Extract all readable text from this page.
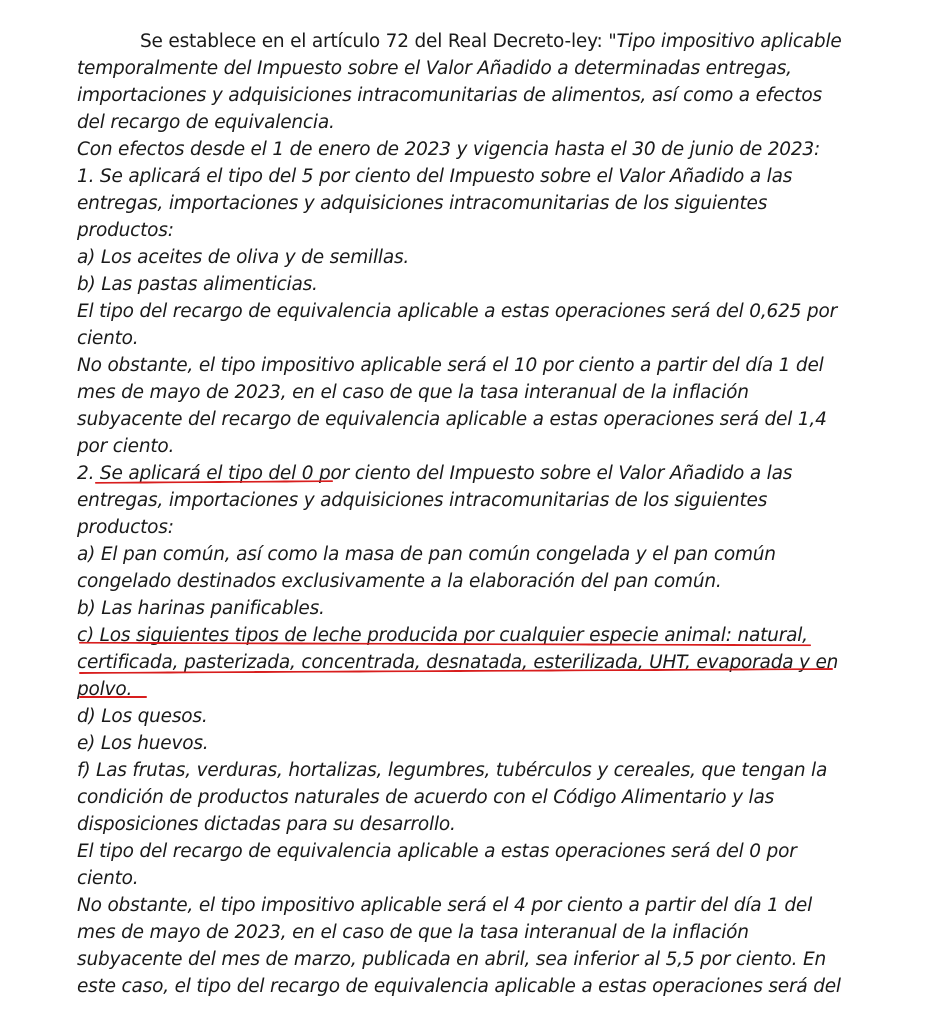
Se establece en el artículo 72 del Real Decreto-ley: "Tipo impositivo aplicable
temporalmente del Impuesto sobre el Valor Añadido a determinadas entregas,
importaciones y adquisiciones intracomunitarias de alimentos, así como a efectos
del recargo de equivalencia.
Con efectos desde el 1 de enero de 2023 y vigencia hasta el 30 de junio de 2023:
1. Se aplicará el tipo del 5 por ciento del Impuesto sobre el Valor Añadido a las
entregas, importaciones y adquisiciones intracomunitarias de los siguientes
productos:
a) Los aceites de oliva y de semillas.
b) Las pastas alimenticias.
El tipo del recargo de equivalencia aplicable a estas operaciones será del 0,625 por
ciento.
No obstante, el tipo impositivo aplicable será el 10 por ciento a partir del día 1 del
mes de mayo de 2023, en el caso de que la tasa interanual de la inflación
subyacente del recargo de equivalencia aplicable a estas operaciones será del 1,4
por ciento.
2. Se aplicará el tipo del 0 por ciento del Impuesto sobre el Valor Añadido a las
entregas, importaciones y adquisiciones intracomunitarias de los siguientes
productos:
a) El pan común, así como la masa de pan común congelada y el pan común
congelado destinados exclusivamente a la elaboración del pan común.
b) Las harinas panificables.
c) Los siguientes tipos de leche producida por cualquier especie animal: natural,
certificada, pasterizada, concentrada, desnatada, esterilizada, UHT, evaporada y en
polvo.
d) Los quesos.
e) Los huevos.
f) Las frutas, verduras, hortalizas, legumbres, tubérculos y cereales, que tengan la
condición de productos naturales de acuerdo con el Código Alimentario y las
disposiciones dictadas para su desarrollo.
El tipo del recargo de equivalencia aplicable a estas operaciones será del 0 por
ciento.
No obstante, el tipo impositivo aplicable será el 4 por ciento a partir del día 1 del
mes de mayo de 2023, en el caso de que la tasa interanual de la inflación
subyacente del mes de marzo, publicada en abril, sea inferior al 5,5 por ciento. En
este caso, el tipo del recargo de equivalencia aplicable a estas operaciones será del
